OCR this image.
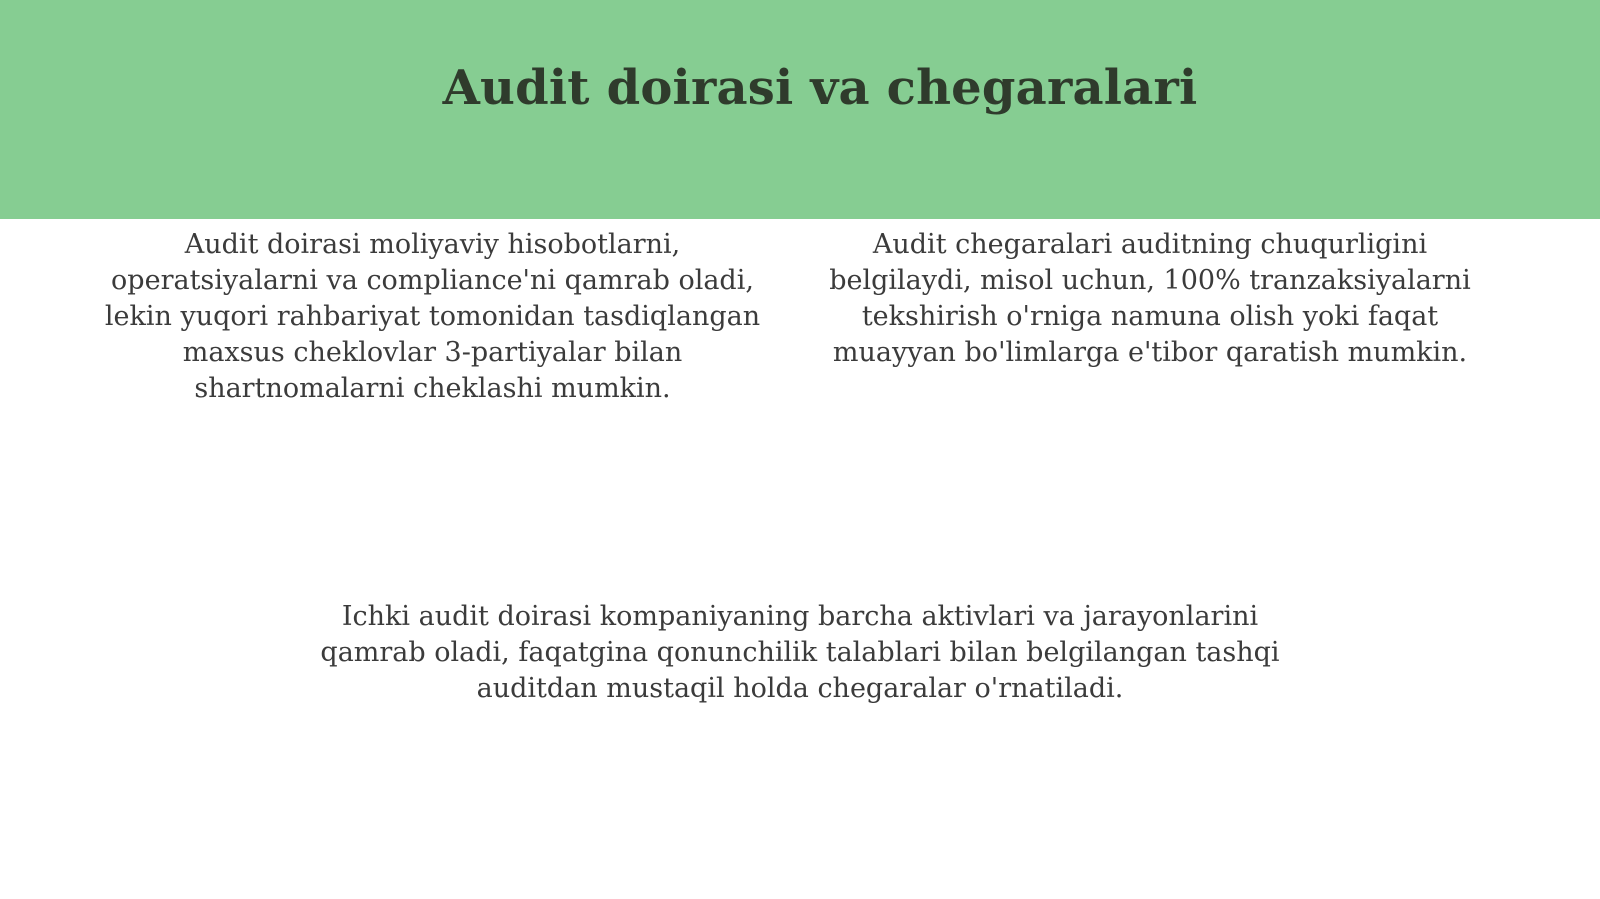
Audit doirasi va chegaralari

Audit doirasi moliyaviy hisobotlarni, operatsiyalarni va compliance'ni qamrab oladi, lekin yuqori rahbariyat tomonidan tasdiqlangan maxsus cheklovlar 3-partiyalar bilan shartnomalarni cheklashi mumkin.

Audit chegaralari auditning chuqurligini belgilaydi, misol uchun, 100% tranzaksiyalarni tekshirish o'rniga namuna olish yoki faqat muayyan bo'limlarga e'tibor qaratish mumkin.

Ichki audit doirasi kompaniyaning barcha aktivlari va jarayonlarini qamrab oladi, faqatgina qonunchilik talablari bilan belgilangan tashqi auditdan mustaqil holda chegaralar o'rnatiladi.
